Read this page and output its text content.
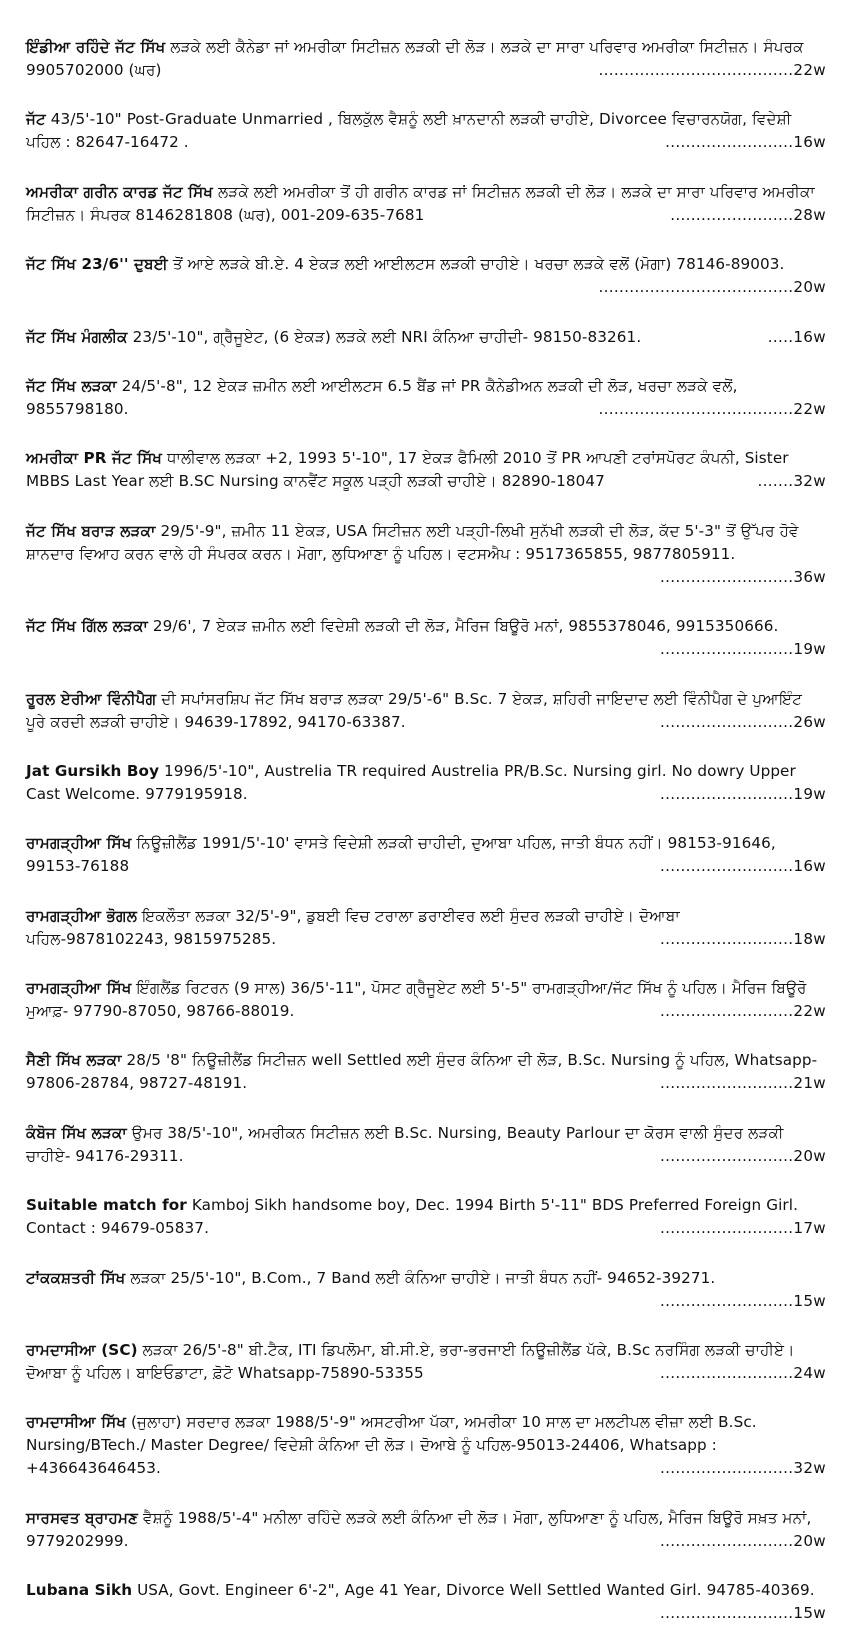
ਇੰਡੀਆ ਰਹਿੰਦੇ ਜੱਟ ਸਿੱਖ ਲੜਕੇ ਲਈ ਕੈਨੇਡਾ ਜਾਂ ਅਮਰੀਕਾ ਸਿਟੀਜ਼ਨ ਲੜਕੀ ਦੀ ਲੋੜ। ਲੜਕੇ ਦਾ ਸਾਰਾ ਪਰਿਵਾਰ ਅਮਰੀਕਾ ਸਿਟੀਜ਼ਨ। ਸੰਪਰਕ 9905702000 (ਘਰ)	......................................22w
ਜੱਟ 43/5'-10" Post-Graduate Unmarried , ਬਿਲਕੁੱਲ ਵੈਸ਼ਨੂੰ ਲਈ ਖ਼ਾਨਦਾਨੀ ਲੜਕੀ ਚਾਹੀਏ, Divorcee ਵਿਚਾਰਨਯੋਗ, ਵਿਦੇਸ਼ੀ ਪਹਿਲ : 82647-16472 .	.........................16w
ਅਮਰੀਕਾ ਗਰੀਨ ਕਾਰਡ ਜੱਟ ਸਿੱਖ ਲੜਕੇ ਲਈ ਅਮਰੀਕਾ ਤੋਂ ਹੀ ਗਰੀਨ ਕਾਰਡ ਜਾਂ ਸਿਟੀਜ਼ਨ ਲੜਕੀ ਦੀ ਲੋੜ। ਲੜਕੇ ਦਾ ਸਾਰਾ ਪਰਿਵਾਰ ਅਮਰੀਕਾ ਸਿਟੀਜ਼ਨ। ਸੰਪਰਕ 8146281808 (ਘਰ), 001-209-635-7681	........................28w
ਜੱਟ ਸਿੱਖ 23/6'' ਦੁਬਈ ਤੋਂ ਆਏ ਲੜਕੇ ਬੀ.ਏ. 4 ਏਕੜ ਲਈ ਆਈਲਟਸ ਲੜਕੀ ਚਾਹੀਏ। ਖਰਚਾ ਲੜਕੇ ਵਲੋਂ (ਮੋਗਾ) 78146-89003.
......................................20w
ਜੱਟ ਸਿੱਖ ਮੰਗਲੀਕ 23/5'-10", ਗ੍ਰੈਜੂਏਟ, (6 ਏਕੜ) ਲੜਕੇ ਲਈ NRI ਕੰਨਿਆ ਚਾਹੀਦੀ- 98150-83261.	.....16w
ਜੱਟ ਸਿੱਖ ਲੜਕਾ 24/5'-8", 12 ਏਕੜ ਜ਼ਮੀਨ ਲਈ ਆਈਲਟਸ 6.5 ਬੈਂਡ ਜਾਂ PR ਕੈਨੇਡੀਅਨ ਲੜਕੀ ਦੀ ਲੋੜ, ਖਰਚਾ ਲੜਕੇ ਵਲੋਂ, 9855798180.	......................................22w
ਅਮਰੀਕਾ PR ਜੱਟ ਸਿੱਖ ਧਾਲੀਵਾਲ ਲੜਕਾ +2, 1993 5'-10", 17 ਏਕੜ ਫੈਮਿਲੀ 2010 ਤੋਂ PR ਆਪਣੀ ਟਰਾਂਸਪੋਰਟ ਕੰਪਨੀ, Sister MBBS Last Year ਲਈ B.SC Nursing ਕਾਨਵੈਂਟ ਸਕੂਲ ਪੜ੍ਹੀ ਲੜਕੀ ਚਾਹੀਏ। 82890-18047	.......32w
ਜੱਟ ਸਿੱਖ ਬਰਾੜ ਲੜਕਾ 29/5'-9", ਜ਼ਮੀਨ 11 ਏਕੜ, USA ਸਿਟੀਜ਼ਨ ਲਈ ਪੜ੍ਹੀ-ਲਿਖੀ ਸੁਨੱਖੀ ਲੜਕੀ ਦੀ ਲੋੜ, ਕੱਦ 5'-3" ਤੋਂ ਉੱਪਰ ਹੋਵੇ ਸ਼ਾਨਦਾਰ ਵਿਆਹ ਕਰਨ ਵਾਲੇ ਹੀ ਸੰਪਰਕ ਕਰਨ। ਮੋਗਾ, ਲੁਧਿਆਣਾ ਨੂੰ ਪਹਿਲ। ਵਟਸਐਪ : 9517365855, 9877805911.
..........................36w
ਜੱਟ ਸਿੱਖ ਗਿੱਲ ਲੜਕਾ 29/6', 7 ਏਕੜ ਜ਼ਮੀਨ ਲਈ ਵਿਦੇਸ਼ੀ ਲੜਕੀ ਦੀ ਲੋੜ, ਮੈਰਿਜ ਬਿਊਰੋ ਮਨਾਂ, 9855378046, 9915350666.
..........................19w
ਰੂਰਲ ਏਰੀਆ ਵਿੰਨੀਪੈਗ ਦੀ ਸਪਾਂਸਰਸ਼ਿਪ ਜੱਟ ਸਿੱਖ ਬਰਾੜ ਲੜਕਾ 29/5'-6" B.Sc. 7 ਏਕੜ, ਸ਼ਹਿਰੀ ਜਾਇਦਾਦ ਲਈ ਵਿੰਨੀਪੈਗ ਦੇ ਪੁਆਇੰਟ ਪੂਰੇ ਕਰਦੀ ਲੜਕੀ ਚਾਹੀਏ। 94639-17892, 94170-63387.	..........................26w
Jat Gursikh Boy 1996/5'-10", Austrelia TR required Austrelia PR/B.Sc. Nursing girl. No dowry Upper Cast Welcome. 9779195918.	..........................19w
ਰਾਮਗੜ੍ਹੀਆ ਸਿੱਖ ਨਿਊਜ਼ੀਲੈਂਡ 1991/5'-10' ਵਾਸਤੇ ਵਿਦੇਸ਼ੀ ਲੜਕੀ ਚਾਹੀਦੀ, ਦੁਆਬਾ ਪਹਿਲ, ਜਾਤੀ ਬੰਧਨ ਨਹੀਂ। 98153-91646, 99153-76188	..........................16w
ਰਾਮਗੜ੍ਹੀਆ ਭੋਗਲ ਇਕਲੌਤਾ ਲੜਕਾ 32/5'-9", ਡੁਬਈ ਵਿਚ ਟਰਾਲਾ ਡਰਾਈਵਰ ਲਈ ਸੁੰਦਰ ਲੜਕੀ ਚਾਹੀਏ। ਦੋਆਬਾ ਪਹਿਲ-9878102243, 9815975285.	..........................18w
ਰਾਮਗੜ੍ਹੀਆ ਸਿੱਖ ਇੰਗਲੈਂਡ ਰਿਟਰਨ (9 ਸਾਲ) 36/5'-11", ਪੋਸਟ ਗ੍ਰੈਜੂਏਟ ਲਈ 5'-5" ਰਾਮਗੜ੍ਹੀਆ/ਜੱਟ ਸਿੱਖ ਨੂੰ ਪਹਿਲ। ਮੈਰਿਜ ਬਿਊਰੋ ਮੁਆਫ਼- 97790-87050, 98766-88019.	..........................22w
ਸੈਣੀ ਸਿੱਖ ਲੜਕਾ 28/5 '8" ਨਿਊਜ਼ੀਲੈਂਡ ਸਿਟੀਜ਼ਨ well Settled ਲਈ ਸੁੰਦਰ ਕੰਨਿਆ ਦੀ ਲੋੜ, B.Sc. Nursing ਨੂੰ ਪਹਿਲ, Whatsapp-97806-28784, 98727-48191.	..........................21w
ਕੰਬੋਜ ਸਿੱਖ ਲੜਕਾ ਉਮਰ 38/5'-10", ਅਮਰੀਕਨ ਸਿਟੀਜ਼ਨ ਲਈ B.Sc. Nursing, Beauty Parlour ਦਾ ਕੋਰਸ ਵਾਲੀ ਸੁੰਦਰ ਲੜਕੀ ਚਾਹੀਏ- 94176-29311.	..........................20w
Suitable match for Kamboj Sikh handsome boy, Dec. 1994 Birth 5'-11" BDS Preferred Foreign Girl. Contact : 94679-05837.	..........................17w
ਟਾਂਕਕਸ਼ਤਰੀ ਸਿੱਖ ਲੜਕਾ 25/5'-10", B.Com., 7 Band ਲਈ ਕੰਨਿਆ ਚਾਹੀਏ। ਜਾਤੀ ਬੰਧਨ ਨਹੀਂ- 94652-39271.
..........................15w
ਰਾਮਦਾਸੀਆ (SC) ਲੜਕਾ 26/5'-8" ਬੀ.ਟੈਕ, ITI ਡਿਪਲੋਮਾ, ਬੀ.ਸੀ.ਏ, ਭਰਾ-ਭਰਜਾਈ ਨਿਊਜ਼ੀਲੈਂਡ ਪੱਕੇ, B.Sc ਨਰਸਿੰਗ ਲੜਕੀ ਚਾਹੀਏ। ਦੋਆਬਾ ਨੂੰ ਪਹਿਲ। ਬਾਇਓਡਾਟਾ, ਫ਼ੋਟੋ Whatsapp-75890-53355	..........................24w
ਰਾਮਦਾਸੀਆ ਸਿੱਖ (ਜੁਲਾਹਾ) ਸਰਦਾਰ ਲੜਕਾ 1988/5'-9" ਅਸਟਰੀਆ ਪੱਕਾ, ਅਮਰੀਕਾ 10 ਸਾਲ ਦਾ ਮਲਟੀਪਲ ਵੀਜ਼ਾ ਲਈ B.Sc. Nursing/BTech./ Master Degree/ ਵਿਦੇਸ਼ੀ ਕੰਨਿਆ ਦੀ ਲੋੜ। ਦੋਆਬੇ ਨੂੰ ਪਹਿਲ-95013-24406, Whatsapp : +436643646453.	..........................32w
ਸਾਰਸਵਤ ਬ੍ਰਾਹਮਣ ਵੈਸ਼ਨੂੰ 1988/5'-4" ਮਨੀਲਾ ਰਹਿੰਦੇ ਲੜਕੇ ਲਈ ਕੰਨਿਆ ਦੀ ਲੋੜ। ਮੋਗਾ, ਲੁਧਿਆਣਾ ਨੂੰ ਪਹਿਲ, ਮੈਰਿਜ ਬਿਊਰੋ ਸਖ਼ਤ ਮਨਾਂ, 9779202999.	..........................20w
Lubana Sikh USA, Govt. Engineer 6'-2", Age 41 Year, Divorce Well Settled Wanted Girl. 94785-40369.
..........................15w
